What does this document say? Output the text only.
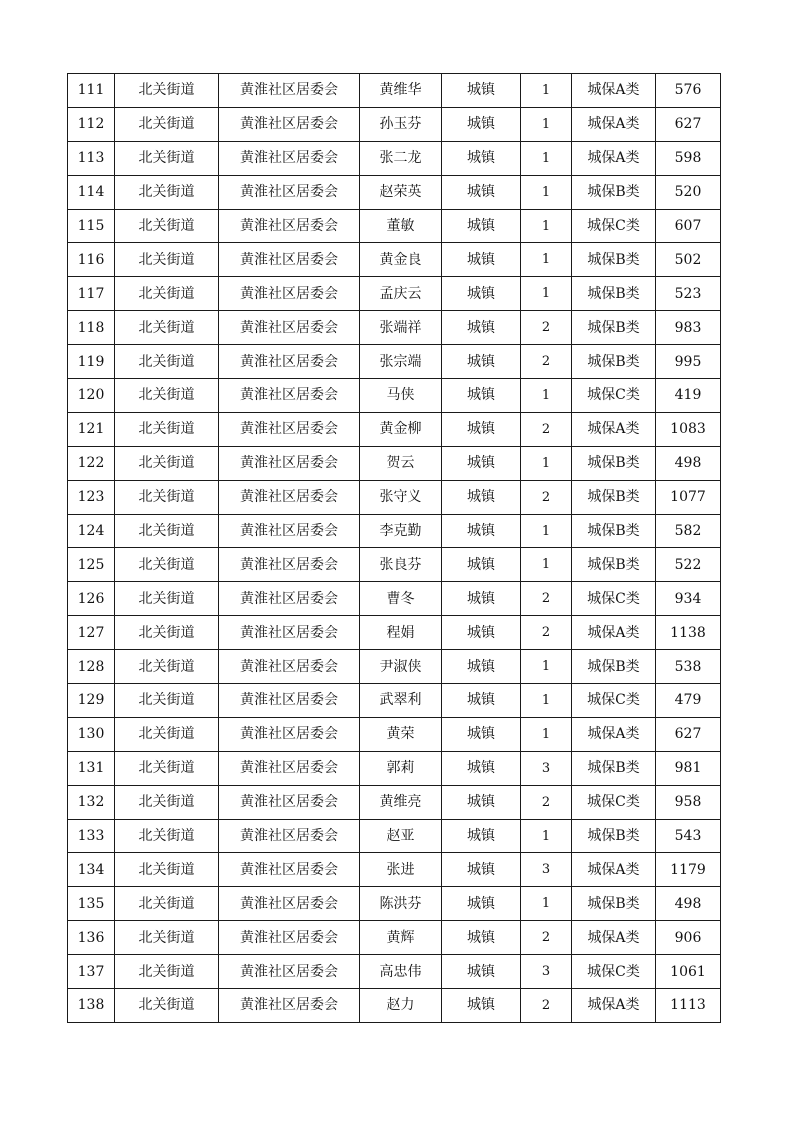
111	北关街道	黄淮社区居委会	黄维华	城镇	1	城保A类	576
112	北关街道	黄淮社区居委会	孙玉芬	城镇	1	城保A类	627
113	北关街道	黄淮社区居委会	张二龙	城镇	1	城保A类	598
114	北关街道	黄淮社区居委会	赵荣英	城镇	1	城保B类	520
115	北关街道	黄淮社区居委会	董敏	城镇	1	城保C类	607
116	北关街道	黄淮社区居委会	黄金良	城镇	1	城保B类	502
117	北关街道	黄淮社区居委会	孟庆云	城镇	1	城保B类	523
118	北关街道	黄淮社区居委会	张端祥	城镇	2	城保B类	983
119	北关街道	黄淮社区居委会	张宗端	城镇	2	城保B类	995
120	北关街道	黄淮社区居委会	马侠	城镇	1	城保C类	419
121	北关街道	黄淮社区居委会	黄金柳	城镇	2	城保A类	1083
122	北关街道	黄淮社区居委会	贺云	城镇	1	城保B类	498
123	北关街道	黄淮社区居委会	张守义	城镇	2	城保B类	1077
124	北关街道	黄淮社区居委会	李克勤	城镇	1	城保B类	582
125	北关街道	黄淮社区居委会	张良芬	城镇	1	城保B类	522
126	北关街道	黄淮社区居委会	曹冬	城镇	2	城保C类	934
127	北关街道	黄淮社区居委会	程娟	城镇	2	城保A类	1138
128	北关街道	黄淮社区居委会	尹淑侠	城镇	1	城保B类	538
129	北关街道	黄淮社区居委会	武翠利	城镇	1	城保C类	479
130	北关街道	黄淮社区居委会	黄荣	城镇	1	城保A类	627
131	北关街道	黄淮社区居委会	郭莉	城镇	3	城保B类	981
132	北关街道	黄淮社区居委会	黄维亮	城镇	2	城保C类	958
133	北关街道	黄淮社区居委会	赵亚	城镇	1	城保B类	543
134	北关街道	黄淮社区居委会	张进	城镇	3	城保A类	1179
135	北关街道	黄淮社区居委会	陈洪芬	城镇	1	城保B类	498
136	北关街道	黄淮社区居委会	黄辉	城镇	2	城保A类	906
137	北关街道	黄淮社区居委会	高忠伟	城镇	3	城保C类	1061
138	北关街道	黄淮社区居委会	赵力	城镇	2	城保A类	1113
